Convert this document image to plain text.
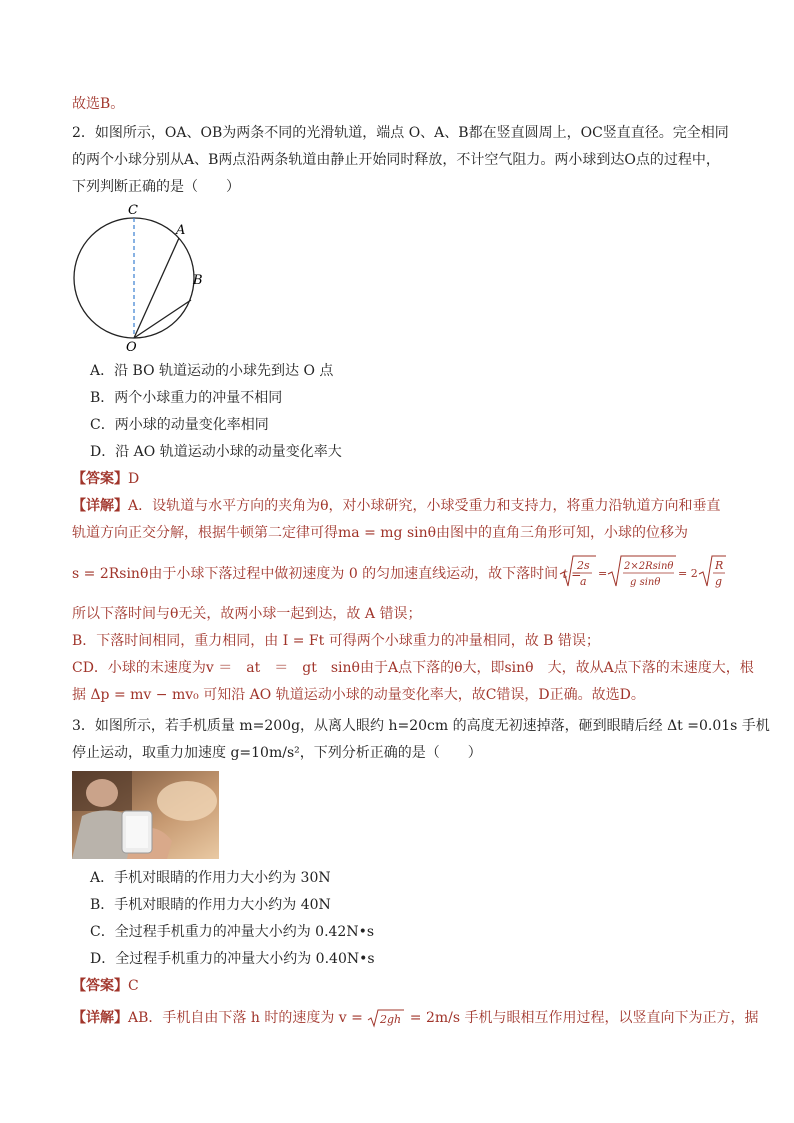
故选B。
2．如图所示，OA、OB为两条不同的光滑轨道，端点 O、A、B都在竖直圆周上，OC竖直直径。完全相同
的两个小球分别从A、B两点沿两条轨道由静止开始同时释放，不计空气阻力。两小球到达O点的过程中，
下列判断正确的是（　　）
C
A
B
O
A．沿 BO 轨道运动的小球先到达 O 点
B．两个小球重力的冲量不相同
C．两小球的动量变化率相同
D．沿 AO 轨道运动小球的动量变化率大
【答案】D
【详解】A．设轨道与水平方向的夹角为θ，对小球研究，小球受重力和支持力，将重力沿轨道方向和垂直
轨道方向正交分解，根据牛顿第二定律可得ma = mg sinθ由图中的直角三角形可知，小球的位移为
s = 2Rsinθ由于小球下落过程中做初速度为 0 的匀加速直线运动，故下落时间 t =
2s
a
=
2×2Rsinθ
g sinθ
= 2
R
g
所以下落时间与θ无关，故两小球一起到达，故 A 错误；
B．下落时间相同，重力相同，由 I = Ft 可得两个小球重力的冲量相同，故 B 错误；
CD．小球的末速度为v ＝　at　＝　gt　sinθ由于A点下落的θ大，即sinθ　大，故从A点下落的末速度大，根
据 Δp = mv − mv₀ 可知沿 AO 轨道运动小球的动量变化率大，故C错误，D正确。故选D。
3．如图所示，若手机质量 m=200g，从离人眼约 h=20cm 的高度无初速掉落，砸到眼睛后经 Δt =0.01s 手机
停止运动，取重力加速度 g=10m/s²，下列分析正确的是（　　）
A．手机对眼睛的作用力大小约为 30N
B．手机对眼睛的作用力大小约为 40N
C．全过程手机重力的冲量大小约为 0.42N•s
D．全过程手机重力的冲量大小约为 0.40N•s
【答案】C
【详解】AB．手机自由下落 h 时的速度为 v = 2gh = 2m/s 手机与眼相互作用过程，以竖直向下为正方，据
